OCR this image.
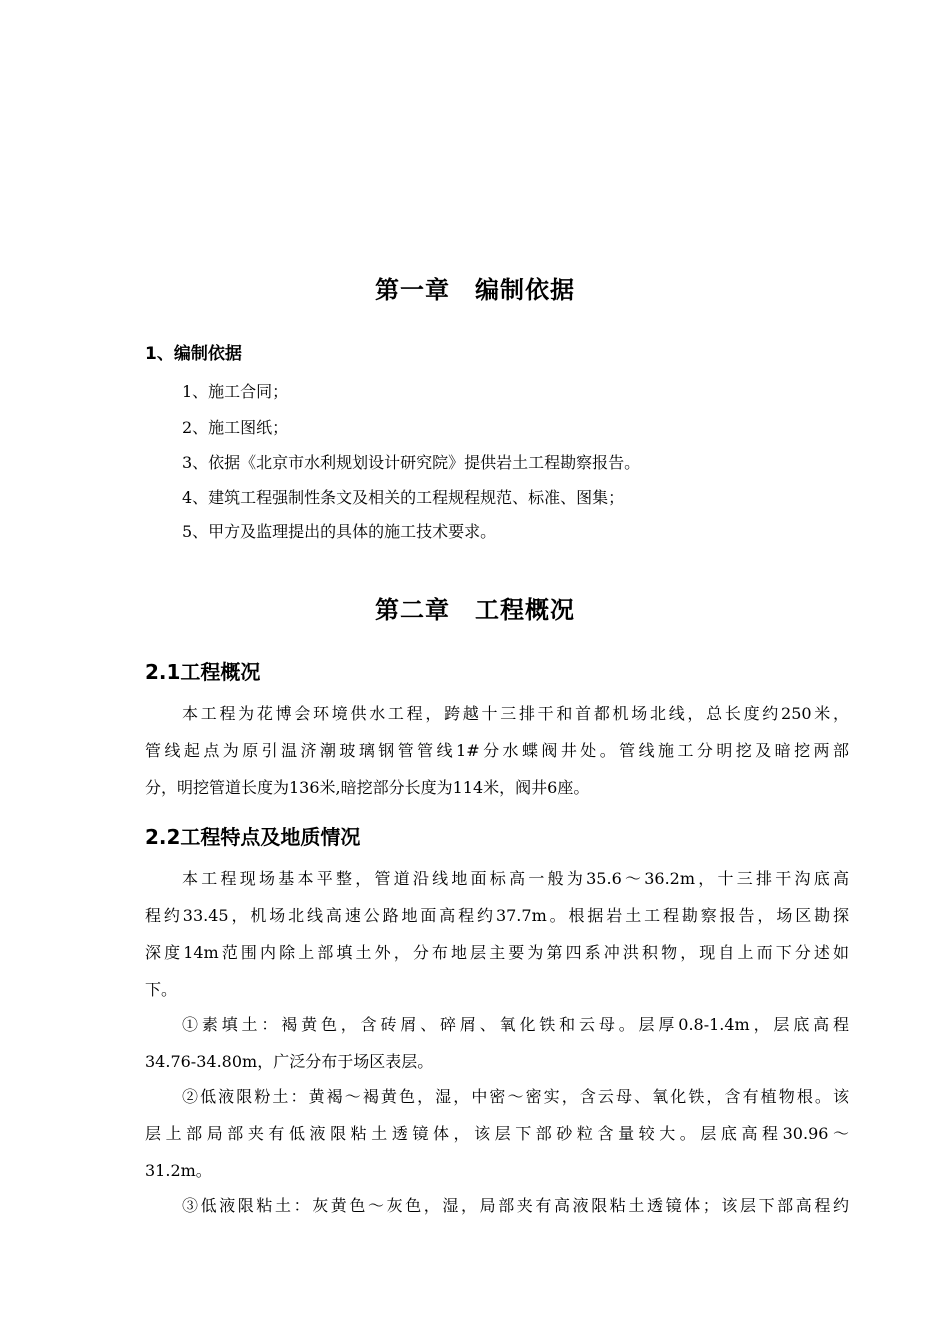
第一章　编制依据
1、编制依据
1、施工合同；
2、施工图纸；
3、依据《北京市水利规划设计研究院》提供岩土工程勘察报告。
4、建筑工程强制性条文及相关的工程规程规范、标准、图集；
5、甲方及监理提出的具体的施工技术要求。
第二章　工程概况
2.1工程概况
本工程为花博会环境供水工程，跨越十三排干和首都机场北线，总长度约250米，
管线起点为原引温济潮玻璃钢管管线1#分水蝶阀井处。管线施工分明挖及暗挖两部
分，明挖管道长度为136米,暗挖部分长度为114米，阀井6座。
2.2工程特点及地质情况
本工程现场基本平整，管道沿线地面标高一般为35.6～36.2m，十三排干沟底高
程约33.45，机场北线高速公路地面高程约37.7m。根据岩土工程勘察报告，场区勘探
深度14m范围内除上部填土外，分布地层主要为第四系冲洪积物，现自上而下分述如
下。
①素填土：褐黄色，含砖屑、碎屑、氧化铁和云母。层厚0.8-1.4m，层底高程
34.76-34.80m，广泛分布于场区表层。
②低液限粉土：黄褐～褐黄色，湿，中密～密实，含云母、氧化铁，含有植物根。该
层上部局部夹有低液限粘土透镜体，该层下部砂粒含量较大。层底高程30.96～
31.2m。
③低液限粘土：灰黄色～灰色，湿，局部夹有高液限粘土透镜体；该层下部高程约
